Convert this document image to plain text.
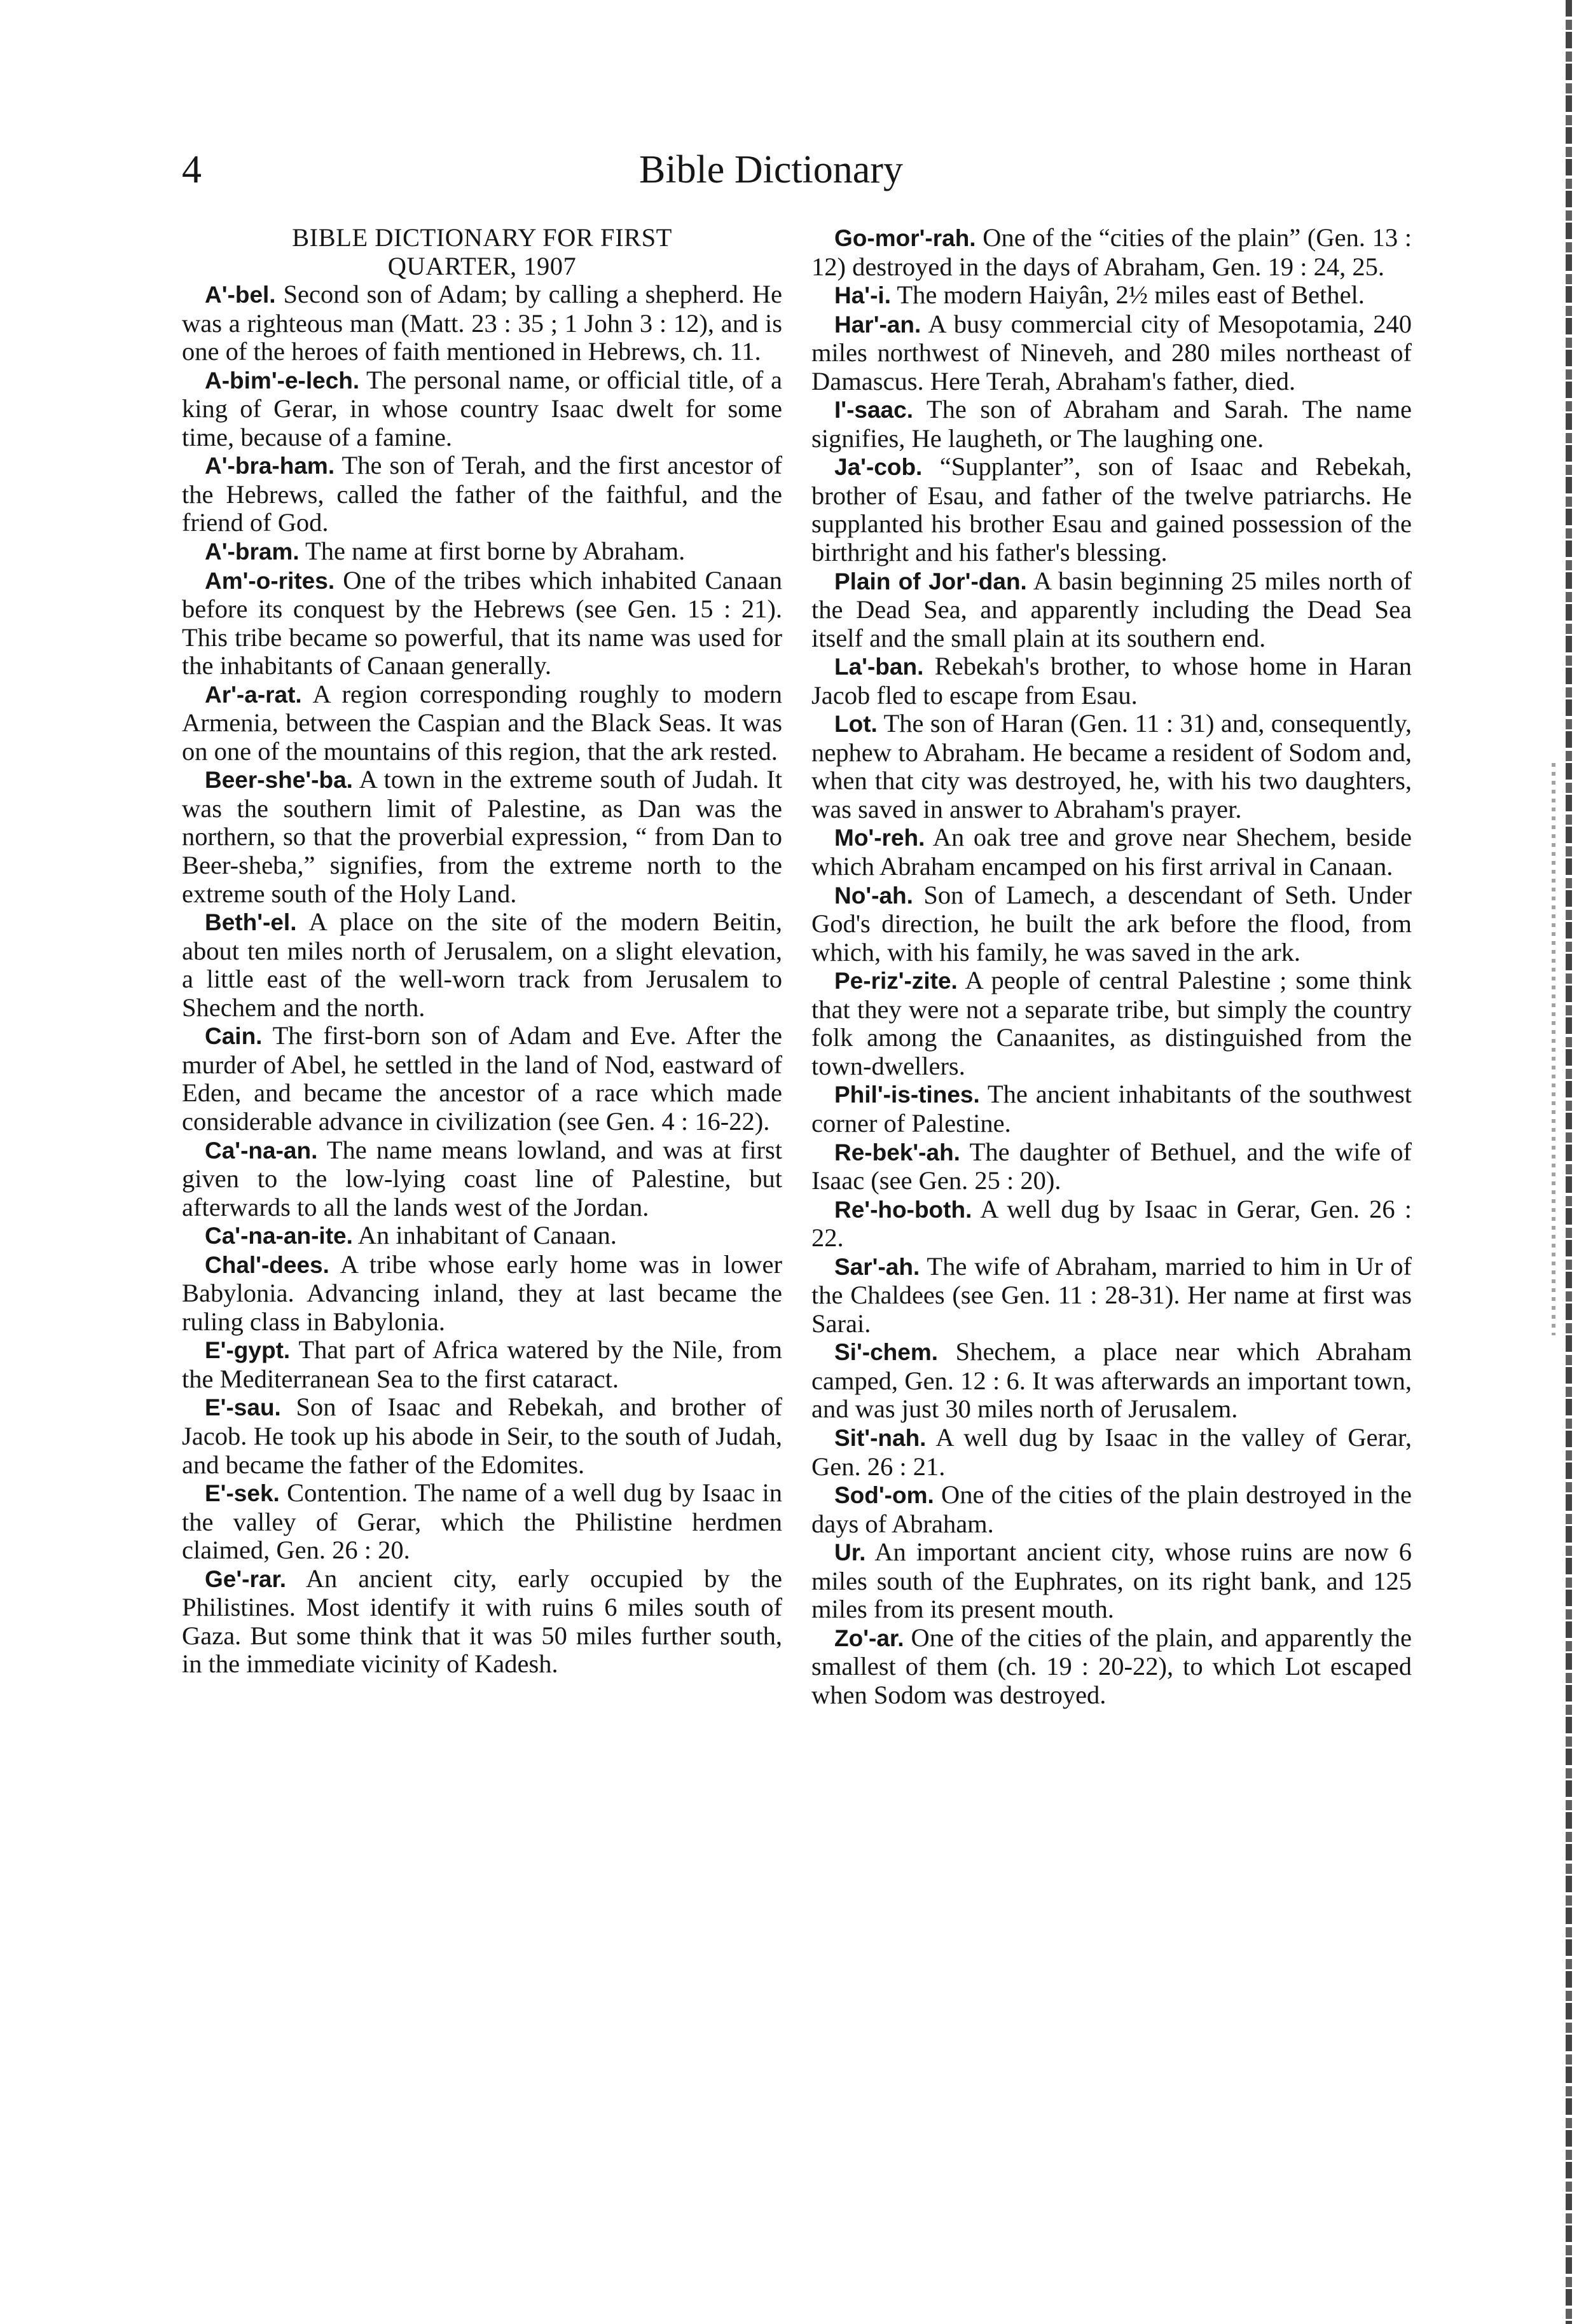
4	Bible Dictionary
BIBLE DICTIONARY FOR FIRST
QUARTER, 1907

A'-bel. Second son of Adam; by calling a shepherd. He was a righteous man (Matt. 23 : 35 ; 1 John 3 : 12), and is one of the heroes of faith mentioned in Hebrews, ch. 11.

A-bim'-e-lech. The personal name, or official title, of a king of Gerar, in whose country Isaac dwelt for some time, because of a famine.

A'-bra-ham. The son of Terah, and the first ancestor of the Hebrews, called the father of the faithful, and the friend of God.

A'-bram. The name at first borne by Abraham.

Am'-o-rites. One of the tribes which inhabited Canaan before its conquest by the Hebrews (see Gen. 15 : 21). This tribe became so powerful, that its name was used for the inhabitants of Canaan generally.

Ar'-a-rat. A region corresponding roughly to modern Armenia, between the Caspian and the Black Seas. It was on one of the mountains of this region, that the ark rested.

Beer-she'-ba. A town in the extreme south of Judah. It was the southern limit of Palestine, as Dan was the northern, so that the proverbial expression, “ from Dan to Beer-sheba,” signifies, from the extreme north to the extreme south of the Holy Land.

Beth'-el. A place on the site of the modern Beitin, about ten miles north of Jerusalem, on a slight elevation, a little east of the well-worn track from Jerusalem to Shechem and the north.

Cain. The first-born son of Adam and Eve. After the murder of Abel, he settled in the land of Nod, eastward of Eden, and became the ancestor of a race which made considerable advance in civilization (see Gen. 4 : 16-22).

Ca'-na-an. The name means lowland, and was at first given to the low-lying coast line of Palestine, but afterwards to all the lands west of the Jordan.

Ca'-na-an-ite. An inhabitant of Canaan.

Chal'-dees. A tribe whose early home was in lower Babylonia. Advancing inland, they at last became the ruling class in Babylonia.

E'-gypt. That part of Africa watered by the Nile, from the Mediterranean Sea to the first cataract.

E'-sau. Son of Isaac and Rebekah, and brother of Jacob. He took up his abode in Seir, to the south of Judah, and became the father of the Edomites.

E'-sek. Contention. The name of a well dug by Isaac in the valley of Gerar, which the Philistine herdmen claimed, Gen. 26 : 20.

Ge'-rar. An ancient city, early occupied by the Philistines. Most identify it with ruins 6 miles south of Gaza. But some think that it was 50 miles further south, in the immediate vicinity of Kadesh.

Go-mor'-rah. One of the “cities of the plain” (Gen. 13 : 12) destroyed in the days of Abraham, Gen. 19 : 24, 25.

Ha'-i. The modern Haiyân, 2½ miles east of Bethel.

Har'-an. A busy commercial city of Mesopotamia, 240 miles northwest of Nineveh, and 280 miles northeast of Damascus. Here Terah, Abraham's father, died.

I'-saac. The son of Abraham and Sarah. The name signifies, He laugheth, or The laughing one.

Ja'-cob. “Supplanter”, son of Isaac and Rebekah, brother of Esau, and father of the twelve patriarchs. He supplanted his brother Esau and gained possession of the birthright and his father's blessing.

Plain of Jor'-dan. A basin beginning 25 miles north of the Dead Sea, and apparently including the Dead Sea itself and the small plain at its southern end.

La'-ban. Rebekah's brother, to whose home in Haran Jacob fled to escape from Esau.

Lot. The son of Haran (Gen. 11 : 31) and, consequently, nephew to Abraham. He became a resident of Sodom and, when that city was destroyed, he, with his two daughters, was saved in answer to Abraham's prayer.

Mo'-reh. An oak tree and grove near Shechem, beside which Abraham encamped on his first arrival in Canaan.

No'-ah. Son of Lamech, a descendant of Seth. Under God's direction, he built the ark before the flood, from which, with his family, he was saved in the ark.

Pe-riz'-zite. A people of central Palestine ; some think that they were not a separate tribe, but simply the country folk among the Canaanites, as distinguished from the town-dwellers.

Phil'-is-tines. The ancient inhabitants of the southwest corner of Palestine.

Re-bek'-ah. The daughter of Bethuel, and the wife of Isaac (see Gen. 25 : 20).

Re'-ho-both. A well dug by Isaac in Gerar, Gen. 26 : 22.

Sar'-ah. The wife of Abraham, married to him in Ur of the Chaldees (see Gen. 11 : 28-31). Her name at first was Sarai.

Si'-chem. Shechem, a place near which Abraham camped, Gen. 12 : 6. It was afterwards an important town, and was just 30 miles north of Jerusalem.

Sit'-nah. A well dug by Isaac in the valley of Gerar, Gen. 26 : 21.

Sod'-om. One of the cities of the plain destroyed in the days of Abraham.

Ur. An important ancient city, whose ruins are now 6 miles south of the Euphrates, on its right bank, and 125 miles from its present mouth.

Zo'-ar. One of the cities of the plain, and apparently the smallest of them (ch. 19 : 20-22), to which Lot escaped when Sodom was destroyed.
